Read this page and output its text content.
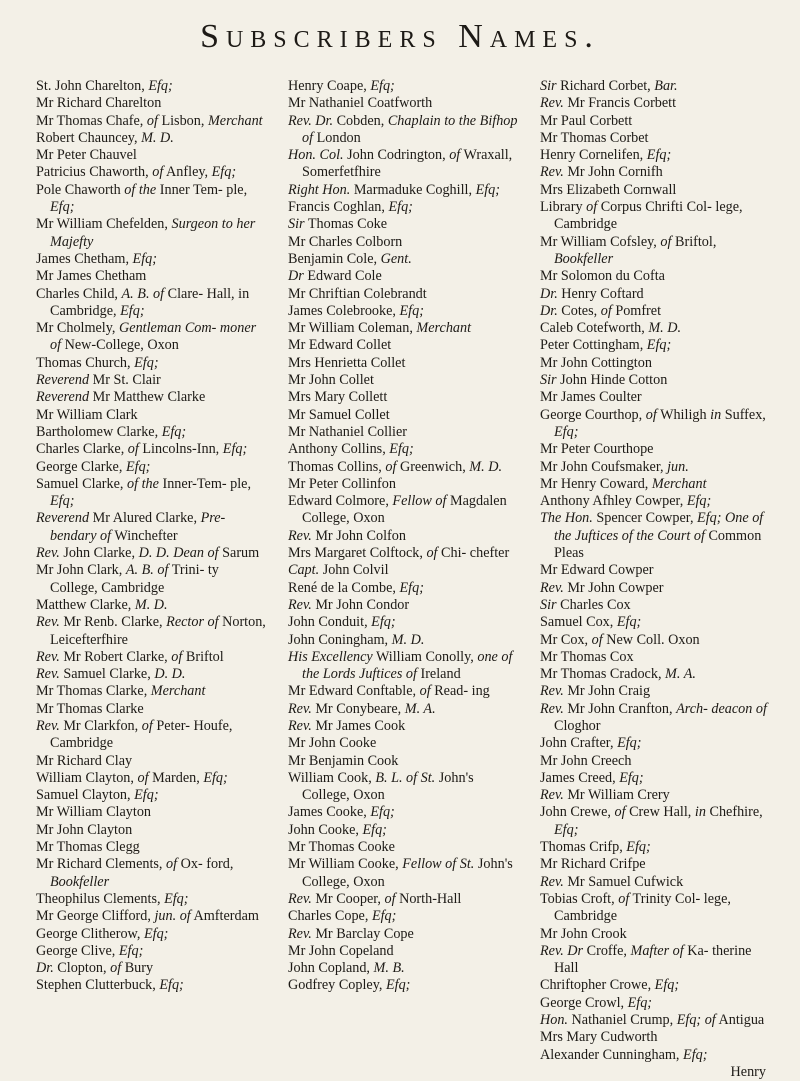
Subscribers Names.
St. John Charelton, Efq;
Mr Richard Charelton
Mr Thomas Chafe, of Lisbon, Merchant
Robert Chauncey, M. D.
Mr Peter Chauvel
Patricius Chaworth, of Anfley, Efq;
Pole Chaworth of the Inner Tem- ple, Efq;
Mr William Chefelden, Surgeon to her Majefty
James Chetham, Efq;
Mr James Chetham
Charles Child, A. B. of Clare- Hall, in Cambridge, Efq;
Mr Cholmely, Gentleman Com- moner of New-College, Oxon
Thomas Church, Efq;
Reverend Mr St. Clair
Reverend Mr Matthew Clarke
Mr William Clark
Bartholomew Clarke, Efq;
Charles Clarke, of Lincolns-Inn, Efq;
George Clarke, Efq;
Samuel Clarke, of the Inner-Tem- ple, Efq;
Reverend Mr Alured Clarke, Pre- bendary of Winchefter
Rev. John Clarke, D. D. Dean of Sarum
Mr John Clark, A. B. of Trini- ty College, Cambridge
Matthew Clarke, M. D.
Rev. Mr Renb. Clarke, Rector of Norton, Leicefterfhire
Rev. Mr Robert Clarke, of Briftol
Rev. Samuel Clarke, D. D.
Mr Thomas Clarke, Merchant
Mr Thomas Clarke
Rev. Mr Clarkfon, of Peter- Houfe, Cambridge
Mr Richard Clay
William Clayton, of Marden, Efq;
Samuel Clayton, Efq;
Mr William Clayton
Mr John Clayton
Mr Thomas Clegg
Mr Richard Clements, of Ox- ford, Bookfeller
Theophilus Clements, Efq;
Mr George Clifford, jun. of Amfterdam
George Clitherow, Efq;
George Clive, Efq;
Dr. Clopton, of Bury
Stephen Clutterbuck, Efq;
Henry Coape, Efq;
Mr Nathaniel Coatfworth
Rev. Dr. Cobden, Chaplain to the Bifhop of London
Hon. Col. John Codrington, of Wraxall, Somerfetfhire
Right Hon. Marmaduke Coghill, Efq;
Francis Coghlan, Efq;
Sir Thomas Coke
Mr Charles Colborn
Benjamin Cole, Gent.
Dr Edward Cole
Mr Chriftian Colebrandt
James Colebrooke, Efq;
Mr William Coleman, Merchant
Mr Edward Collet
Mrs Henrietta Collet
Mr John Collet
Mrs Mary Collett
Mr Samuel Collet
Mr Nathaniel Collier
Anthony Collins, Efq;
Thomas Collins, of Greenwich, M. D.
Mr Peter Collinfon
Edward Colmore, Fellow of Magdalen College, Oxon
Rev. Mr John Colfon
Mrs Margaret Colftock, of Chi- chefter
Capt. John Colvil
René de la Combe, Efq;
Rev. Mr John Condor
John Conduit, Efq;
John Coningham, M. D.
His Excellency William Conolly, one of the Lords Juftices of Ireland
Mr Edward Conftable, of Read- ing
Rev. Mr Conybeare, M. A.
Rev. Mr James Cook
Mr John Cooke
Mr Benjamin Cook
William Cook, B. L. of St. John's College, Oxon
James Cooke, Efq;
John Cooke, Efq;
Mr Thomas Cooke
Mr William Cooke, Fellow of St. John's College, Oxon
Rev. Mr Cooper, of North-Hall
Charles Cope, Efq;
Rev. Mr Barclay Cope
Mr John Copeland
John Copland, M. B.
Godfrey Copley, Efq;
Sir Richard Corbet, Bar.
Rev. Mr Francis Corbett
Mr Paul Corbett
Mr Thomas Corbet
Henry Cornelifen, Efq;
Rev. Mr John Cornifh
Mrs Elizabeth Cornwall
Library of Corpus Chrifti Col- lege, Cambridge
Mr William Cofsley, of Briftol, Bookfeller
Mr Solomon du Cofta
Dr. Henry Coftard
Dr. Cotes, of Pomfret
Caleb Cotefworth, M. D.
Peter Cottingham, Efq;
Mr John Cottington
Sir John Hinde Cotton
Mr James Coulter
George Courthop, of Whiligh in Suffex, Efq;
Mr Peter Courthope
Mr John Coufsmaker, jun.
Mr Henry Coward, Merchant
Anthony Afhley Cowper, Efq;
The Hon. Spencer Cowper, Efq; One of the Juftices of the Court of Common Pleas
Mr Edward Cowper
Rev. Mr John Cowper
Sir Charles Cox
Samuel Cox, Efq;
Mr Cox, of New Coll. Oxon
Mr Thomas Cox
Mr Thomas Cradock, M. A.
Rev. Mr John Craig
Rev. Mr John Cranfton, Arch- deacon of Cloghor
John Crafter, Efq;
Mr John Creech
James Creed, Efq;
Rev. Mr William Crery
John Crewe, of Crew Hall, in Chefhire, Efq;
Thomas Crifp, Efq;
Mr Richard Crifpe
Rev. Mr Samuel Cufwick
Tobias Croft, of Trinity Col- lege, Cambridge
Mr John Crook
Rev. Dr Croffe, Mafter of Ka- therine Hall
Chriftopher Crowe, Efq;
George Crowl, Efq;
Hon. Nathaniel Crump, Efq; of Antigua
Mrs Mary Cudworth
Alexander Cunningham, Efq;
Henry
